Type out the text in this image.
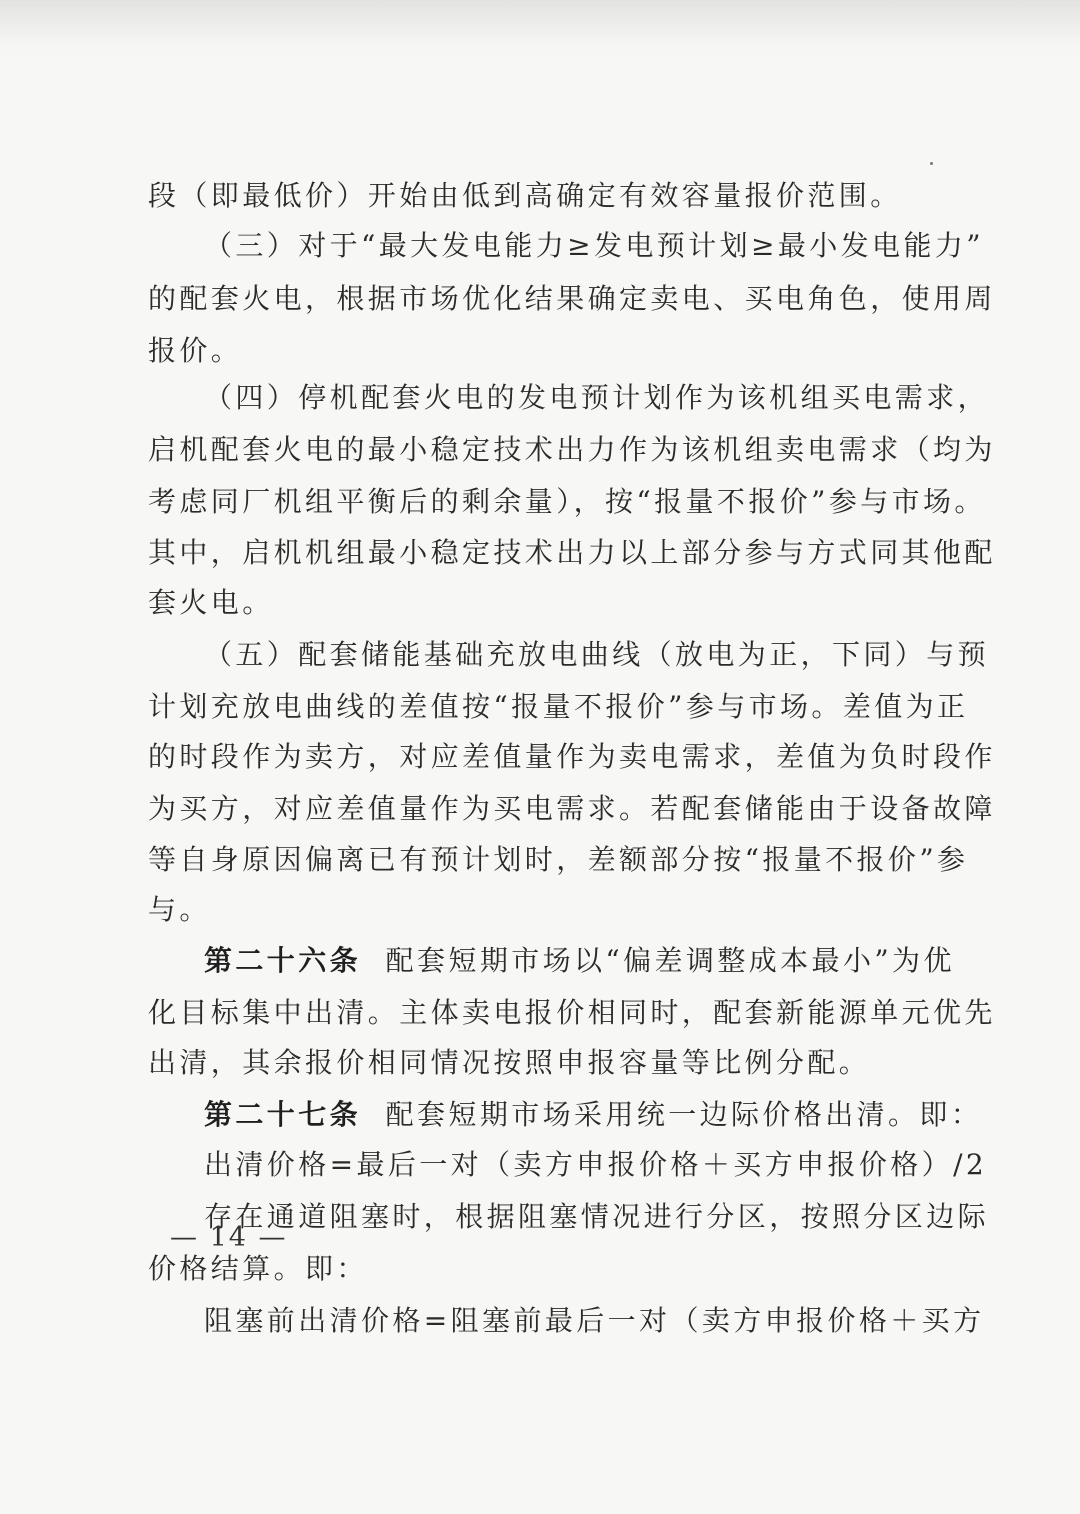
段（即最低价）开始由低到高确定有效容量报价范围。
（三）对于“最大发电能力≥发电预计划≥最小发电能力”
的配套火电，根据市场优化结果确定卖电、买电角色，使用周
报价。
（四）停机配套火电的发电预计划作为该机组买电需求，
启机配套火电的最小稳定技术出力作为该机组卖电需求（均为
考虑同厂机组平衡后的剩余量），按“报量不报价”参与市场。
其中，启机机组最小稳定技术出力以上部分参与方式同其他配
套火电。
（五）配套储能基础充放电曲线（放电为正，下同）与预
计划充放电曲线的差值按“报量不报价”参与市场。差值为正
的时段作为卖方，对应差值量作为卖电需求，差值为负时段作
为买方，对应差值量作为买电需求。若配套储能由于设备故障
等自身原因偏离已有预计划时，差额部分按“报量不报价”参
与。
第二十六条 配套短期市场以“偏差调整成本最小”为优
化目标集中出清。主体卖电报价相同时，配套新能源单元优先
出清，其余报价相同情况按照申报容量等比例分配。
第二十七条 配套短期市场采用统一边际价格出清。即：
出清价格=最后一对（卖方申报价格＋买方申报价格）/2
存在通道阻塞时，根据阻塞情况进行分区，按照分区边际
价格结算。即：
阻塞前出清价格=阻塞前最后一对（卖方申报价格＋买方
— 14 —
